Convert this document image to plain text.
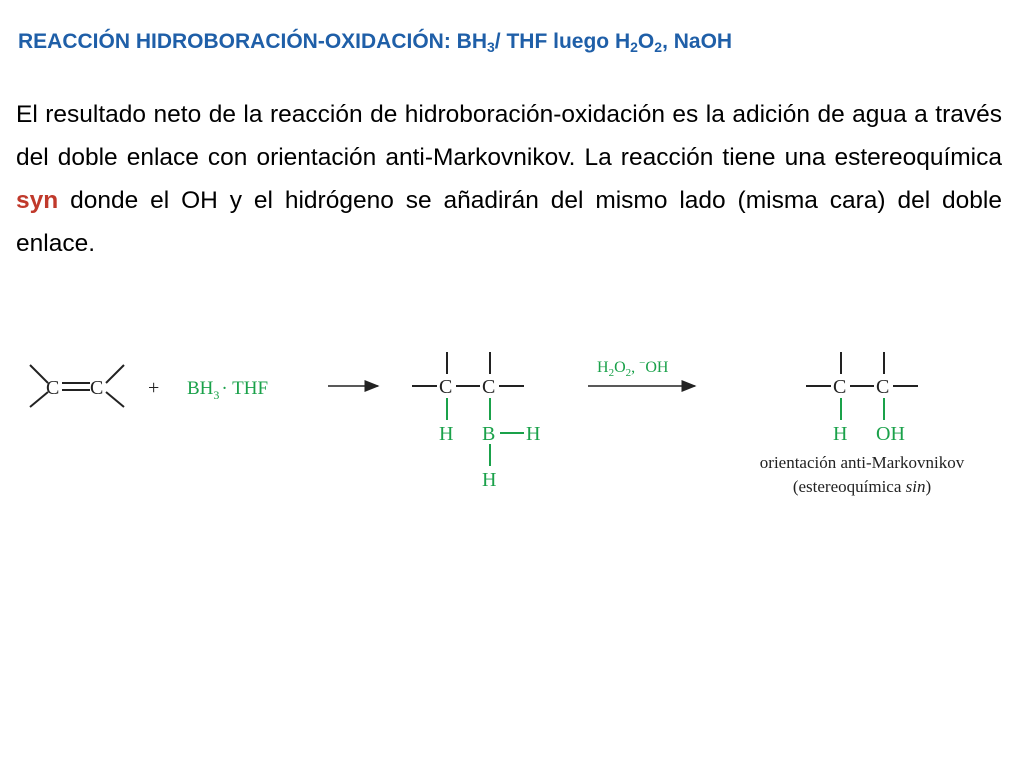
REACCIÓN HIDROBORACIÓN-OXIDACIÓN: $BH_3/$ THF luego $H_2O_2$, NaOH

El resultado neto de la reacción de hidroboración-oxidación es la adición de agua a través del doble enlace con orientación anti-Markovnikov. La reacción tiene una estereoquímica syn donde el OH y el hidrógeno se añadirán del mismo lado (misma cara) del doble enlace.

C $C + BH_3$ · THF	C C
H B H
H
$H_2O_2$, −OH
C C
H OH
orientación anti-Markovnikov
(estereoquímica sin)
